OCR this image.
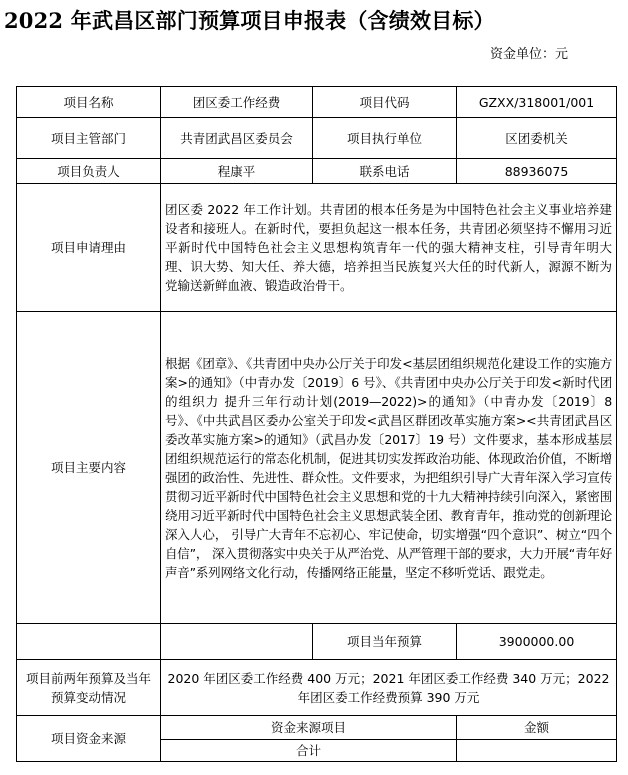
2022 年武昌区部门预算项目申报表（含绩效目标）
资金单位：元
项目名称	团区委工作经费	项目代码	GZXX/318001/001
项目主管部门	共青团武昌区委员会	项目执行单位	区团委机关
项目负责人	程康平	联系电话	88936075
项目申请理由	团区委 2022 年工作计划。共青团的根本任务是为中国特色社会主义事业培养建设者和接班人。在新时代，要担负起这一根本任务，共青团必须坚持不懈用习近平新时代中国特色社会主义思想构筑青年一代的强大精神支柱，引导青年明大理、识大势、知大任、养大德，培养担当民族复兴大任的时代新人，源源不断为党输送新鲜血液、锻造政治骨干。		
项目主要内容	根据《团章》、《共青团中央办公厅关于印发<基层团组织规范化建设工作的实施方案>的通知》（中青办发〔2019〕6 号》、《共青团中央办公厅关于印发<新时代团的组织力 提升三年行动计划(2019—2022)>的通知》（中青办发〔2019〕8 号》、《中共武昌区委办公室关于印发<武昌区群团改革实施方案><共青团武昌区委改革实施方案>的通知》（武昌办发〔2017〕19 号）文件要求，基本形成基层团组织规范运行的常态化机制，促进其切实发挥政治功能、体现政治价值，不断增强团的政治性、先进性、群众性。文件要求，为把组织引导广大青年深入学习宣传贯彻习近平新时代中国特色社会主义思想和党的十九大精神持续引向深入，紧密围绕用习近平新时代中国特色社会主义思想武装全团、教育青年，推动党的创新理论深入人心， 引导广大青年不忘初心、牢记使命，切实增强“四个意识”、树立“四个自信”， 深入贯彻落实中央关于从严治党、从严管理干部的要求，大力开展“青年好声音”系列网络文化行动，传播网络正能量，坚定不移听党话、跟党走。		
		项目当年预算	3900000.00
项目前两年预算及当年预算变动情况	2020 年团区委工作经费 400 万元；2021 年团区委工作经费 340 万元；2022 年团区委工作经费预算 390 万元		
项目资金来源	资金来源项目		金额
	合计		
